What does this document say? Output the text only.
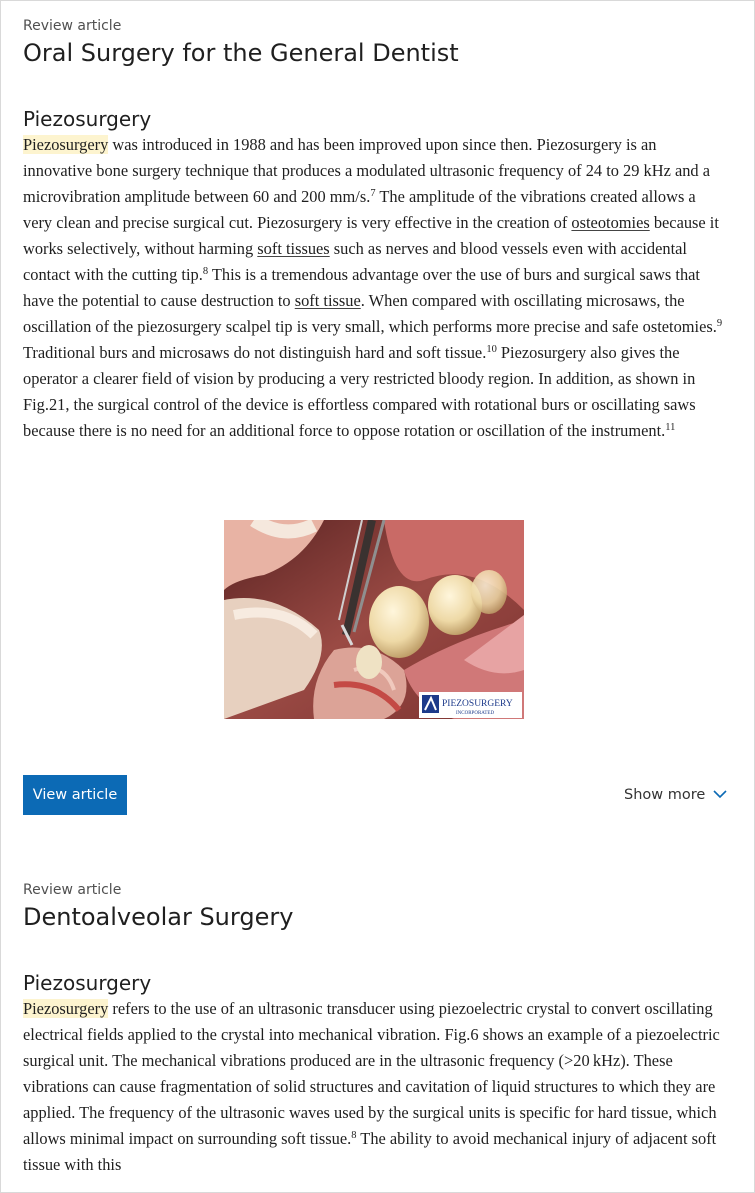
Review article
Oral Surgery for the General Dentist
Piezosurgery

Piezosurgery was introduced in 1988 and has been improved upon since then. Piezosurgery is an innovative bone surgery technique that produces a modulated ultrasonic frequency of 24 to 29 kHz and a microvibration amplitude between 60 and 200 mm/s.$^7$ The amplitude of the vibrations created allows a very clean and precise surgical cut. Piezosurgery is very effective in the creation of osteotomies because it works selectively, without harming soft tissues such as nerves and blood vessels even with accidental contact with the cutting tip.$^8$ This is a tremendous advantage over the use of burs and surgical saws that have the potential to cause destruction to soft tissue. When compared with oscillating microsaws, the oscillation of the piezosurgery scalpel tip is very small, which performs more precise and safe ostetomies.$^9$ Traditional burs and microsaws do not distinguish hard and soft tissue.$^{10}$ Piezosurgery also gives the operator a clearer field of vision by producing a very restricted bloody region. In addition, as shown in Fig.21, the surgical control of the device is effortless compared with rotational burs or oscillating saws because there is no need for an additional force to oppose rotation or oscillation of the instrument.$^{11}$

PIEZOSURGERY
INCORPORATED
View article	Show more
Review article
Dentoalveolar Surgery
Piezosurgery

Piezosurgery refers to the use of an ultrasonic transducer using piezoelectric crystal to convert oscillating electrical fields applied to the crystal into mechanical vibration. Fig.6 shows an example of a piezoelectric surgical unit. The mechanical vibrations produced are in the ultrasonic frequency (>20 kHz). These vibrations can cause fragmentation of solid structures and cavitation of liquid structures to which they are applied. The frequency of the ultrasonic waves used by the surgical units is specific for hard tissue, which allows minimal impact on surrounding soft tissue.$^8$ The ability to avoid mechanical injury of adjacent soft tissue with this
